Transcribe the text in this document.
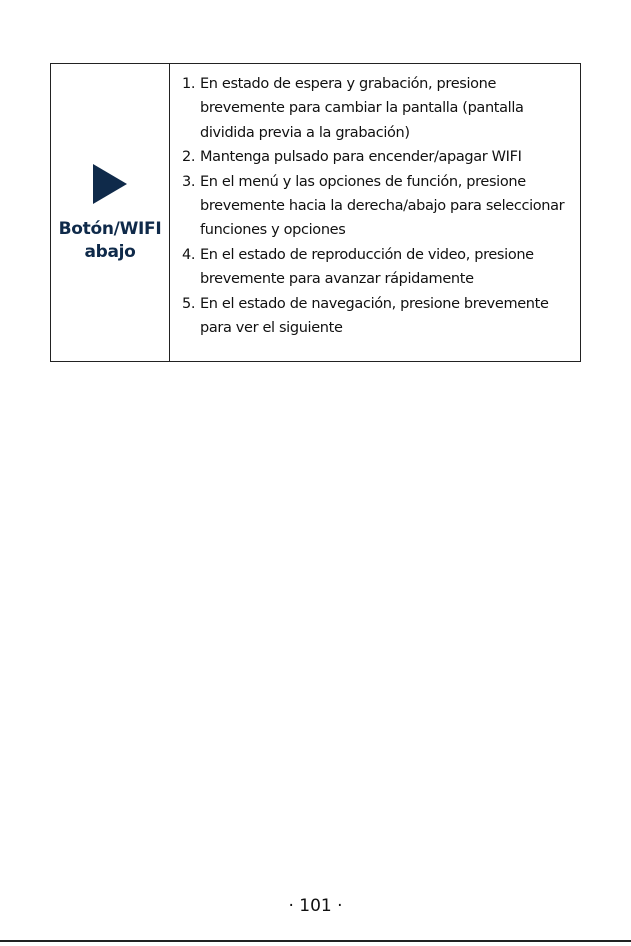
Botón/WIFI
abajo
1. En estado de espera y grabación, presione brevemente para cambiar la pantalla (pantalla dividida previa a la grabación)
2. Mantenga pulsado para encender/apagar WIFI
3. En el menú y las opciones de función, presione brevemente hacia la derecha/abajo para seleccionar funciones y opciones
4. En el estado de reproducción de video, presione brevemente para avanzar rápidamente
5. En el estado de navegación, presione brevemente para ver el siguiente
· 101 ·
